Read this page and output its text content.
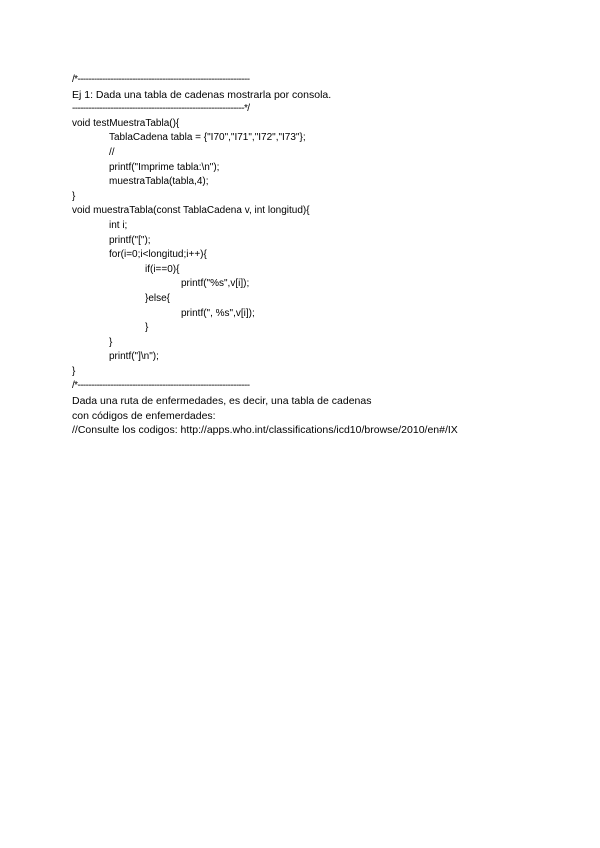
/*---------------------------------------------------------------
Ej 1: Dada una tabla de cadenas mostrarla por consola.
---------------------------------------------------------------*/
void testMuestraTabla(){
TablaCadena tabla = {"I70","I71","I72","I73"};
//
printf("Imprime tabla:\n");
muestraTabla(tabla,4);
}
void muestraTabla(const TablaCadena v, int longitud){
int i;
printf("[");
for(i=0;i<longitud;i++){
if(i==0){
printf("%s",v[i]);
}else{
printf(", %s",v[i]);
}
}
printf("]\n");
}
/*---------------------------------------------------------------
Dada una ruta de enfermedades, es decir, una tabla de cadenas
con códigos de enfemerdades:
//Consulte los codigos: http://apps.who.int/classifications/icd10/browse/2010/en#/IX
